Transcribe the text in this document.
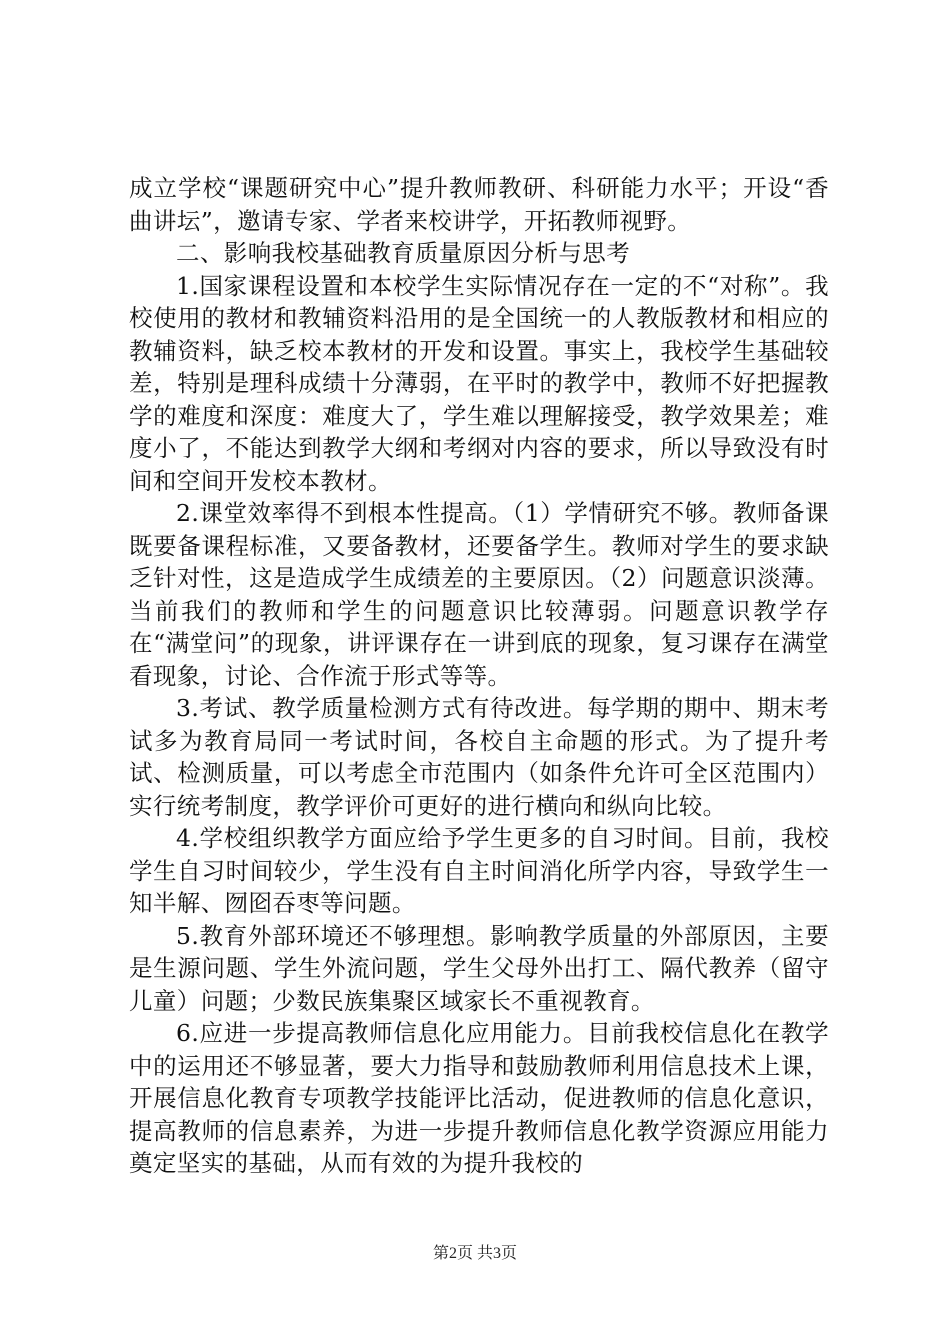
成立学校“课题研究中心”提升教师教研、科研能力水平；开设“香曲讲坛”，邀请专家、学者来校讲学，开拓教师视野。

二、影响我校基础教育质量原因分析与思考

1.国家课程设置和本校学生实际情况存在一定的不“对称”。我校使用的教材和教辅资料沿用的是全国统一的人教版教材和相应的教辅资料，缺乏校本教材的开发和设置。事实上，我校学生基础较差，特别是理科成绩十分薄弱，在平时的教学中，教师不好把握教学的难度和深度：难度大了，学生难以理解接受，教学效果差；难度小了，不能达到教学大纲和考纲对内容的要求，所以导致没有时间和空间开发校本教材。

2.课堂效率得不到根本性提高。（1）学情研究不够。教师备课既要备课程标准，又要备教材，还要备学生。教师对学生的要求缺乏针对性，这是造成学生成绩差的主要原因。（2）问题意识淡薄。当前我们的教师和学生的问题意识比较薄弱。问题意识教学存在“满堂问”的现象，讲评课存在一讲到底的现象，复习课存在满堂看现象，讨论、合作流于形式等等。

3.考试、教学质量检测方式有待改进。每学期的期中、期末考试多为教育局同一考试时间，各校自主命题的形式。为了提升考试、检测质量，可以考虑全市范围内（如条件允许可全区范围内）实行统考制度，教学评价可更好的进行横向和纵向比较。

4.学校组织教学方面应给予学生更多的自习时间。目前，我校学生自习时间较少，学生没有自主时间消化所学内容，导致学生一知半解、囫囵吞枣等问题。

5.教育外部环境还不够理想。影响教学质量的外部原因，主要是生源问题、学生外流问题，学生父母外出打工、隔代教养（留守儿童）问题；少数民族集聚区域家长不重视教育。

6.应进一步提高教师信息化应用能力。目前我校信息化在教学中的运用还不够显著，要大力指导和鼓励教师利用信息技术上课，开展信息化教育专项教学技能评比活动，促进教师的信息化意识，提高教师的信息素养，为进一步提升教师信息化教学资源应用能力奠定坚实的基础，从而有效的为提升我校的

第2页 共3页
